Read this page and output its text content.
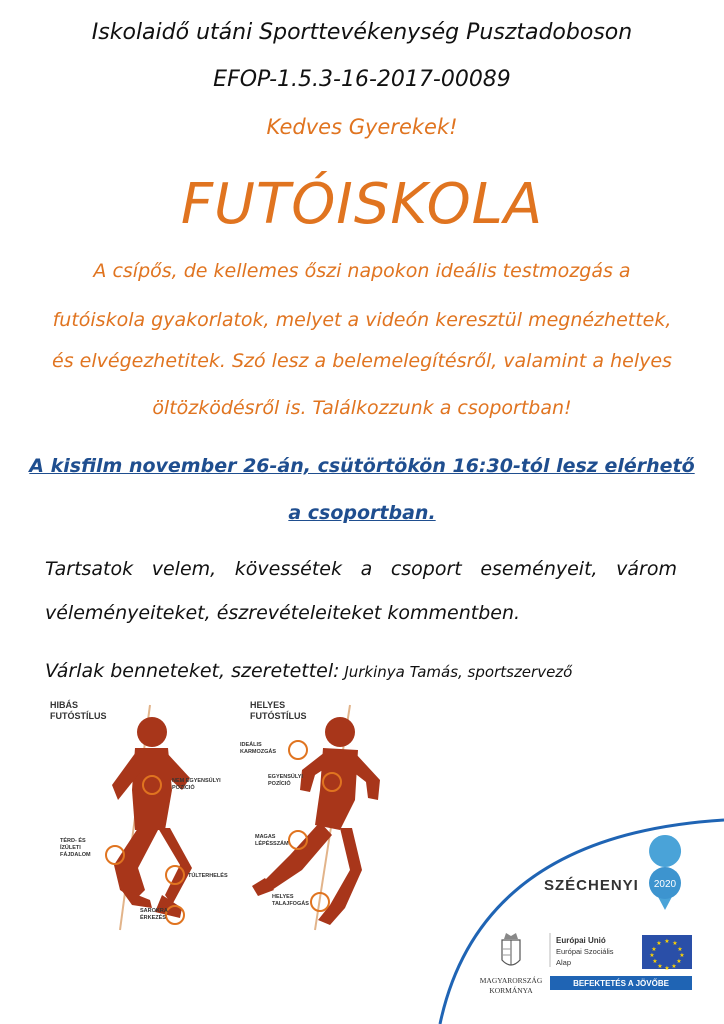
Iskolaidő utáni Sporttevékenység Pusztadoboson
EFOP-1.5.3-16-2017-00089
Kedves Gyerekek!
FUTÓISKOLA
A csípős, de kellemes őszi napokon ideális testmozgás a
futóiskola gyakorlatok, melyet a videón keresztül megnézhettek,
és elvégezhetitek. Szó lesz a belemelegítésről, valamint a helyes
öltözködésről is. Találkozzunk a csoportban!
A kisfilm november 26-án, csütörtökön 16:30-tól lesz elérhető
a csoportban.
Tartsatok velem, kövessétek a csoport eseményeit, várom
véleményeiteket, észrevételeiteket kommentben.
Várlak benneteket, szeretettel: Jurkinya Tamás, sportszervező
HIBÁS
FUTÓSTÍLUS
HELYES
FUTÓSTÍLUS
NEM EGYENSÚLYI
POZÍCIÓ
TÉRD- ÉS
ÍZÜLETI
FÁJDALOM
TÚLTERHELÉS
SAROKRA
ÉRKEZÉS
IDEÁLIS
KARMOZGÁS
EGYENSÚLYI
POZÍCIÓ
MAGAS
LÉPÉSSZÁM
HELYES
TALAJFOGÁS
SZÉCHENYI 2020
MAGYARORSZÁG
KORMÁNYA
Európai Unió
Európai Szociális
Alap
★ ★
★
★
★
★
★
★
★
★
★
★
BEFEKTETÉS A JÖVŐBE
